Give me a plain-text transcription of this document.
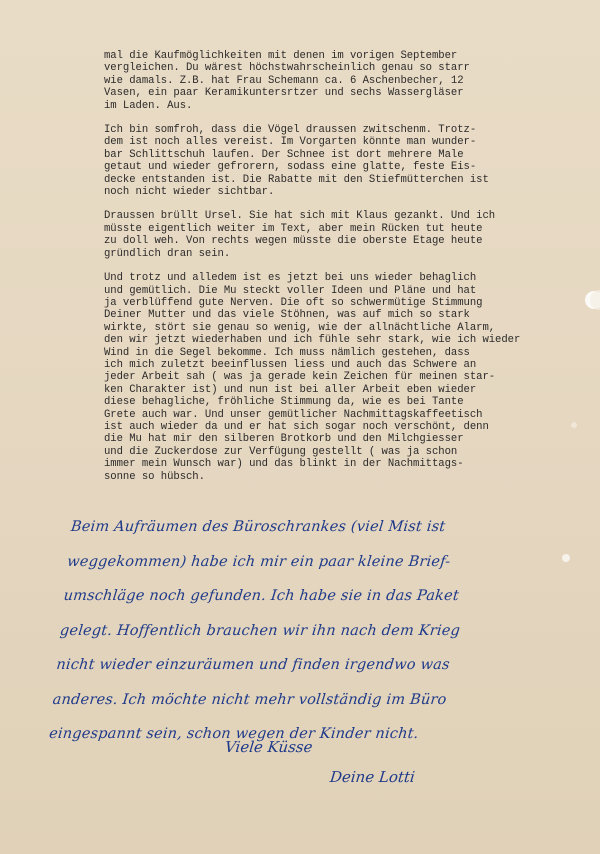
mal die Kaufmöglichkeiten mit denen im vorigen September
vergleichen. Du wärest höchstwahrscheinlich genau so starr
wie damals. Z.B. hat Frau Schemann ca. 6 Aschenbecher, 12
Vasen, ein paar Keramikuntersrtzer und sechs Wassergläser
im Laden. Aus.
Ich bin somfroh, dass die Vögel draussen zwitschenm. Trotz-
dem ist noch alles vereist. Im Vorgarten könnte man wunder-
bar Schlittschuh laufen. Der Schnee ist dort mehrere Male
getaut und wieder gefrorern, sodass eine glatte, feste Eis-
decke entstanden ist. Die Rabatte mit den Stiefmütterchen ist
noch nicht wieder sichtbar.
Draussen brüllt Ursel. Sie hat sich mit Klaus gezankt. Und ich
müsste eigentlich weiter im Text, aber mein Rücken tut heute
zu doll weh. Von rechts wegen müsste die oberste Etage heute
gründlich dran sein.
Und trotz und alledem ist es jetzt bei uns wieder behaglich
und gemütlich. Die Mu steckt voller Ideen und Pläne und hat
ja verblüffend gute Nerven. Die oft so schwermütige Stimmung
Deiner Mutter und das viele Stöhnen, was auf mich so stark
wirkte, stört sie genau so wenig, wie der allnächtliche Alarm,
den wir jetzt wiederhaben und ich fühle sehr stark, wie ich wieder
Wind in die Segel bekomme. Ich muss nämlich gestehen, dass
ich mich zuletzt beeinflussen liess und auch das Schwere an
jeder Arbeit sah ( was ja gerade kein Zeichen für meinen star-
ken Charakter ist) und nun ist bei aller Arbeit eben wieder
diese behagliche, fröhliche Stimmung da, wie es bei Tante
Grete auch war. Und unser gemütlicher Nachmittagskaffeetisch
ist auch wieder da und er hat sich sogar noch verschönt, denn
die Mu hat mir den silberen Brotkorb und den Milchgiesser
und die Zuckerdose zur Verfügung gestellt ( was ja schon
immer mein Wunsch war) und das blinkt in der Nachmittags-
sonne so hübsch.
Beim Aufräumen des Büroschrankes (viel Mist ist
weggekommen) habe ich mir ein paar kleine Brief-
umschläge noch gefunden. Ich habe sie in das Paket
gelegt. Hoffentlich brauchen wir ihn nach dem Krieg
nicht wieder einzuräumen und finden irgendwo was
anderes. Ich möchte nicht mehr vollständig im Büro
eingespannt sein, schon wegen der Kinder nicht.
Viele Küsse
Deine Lotti
